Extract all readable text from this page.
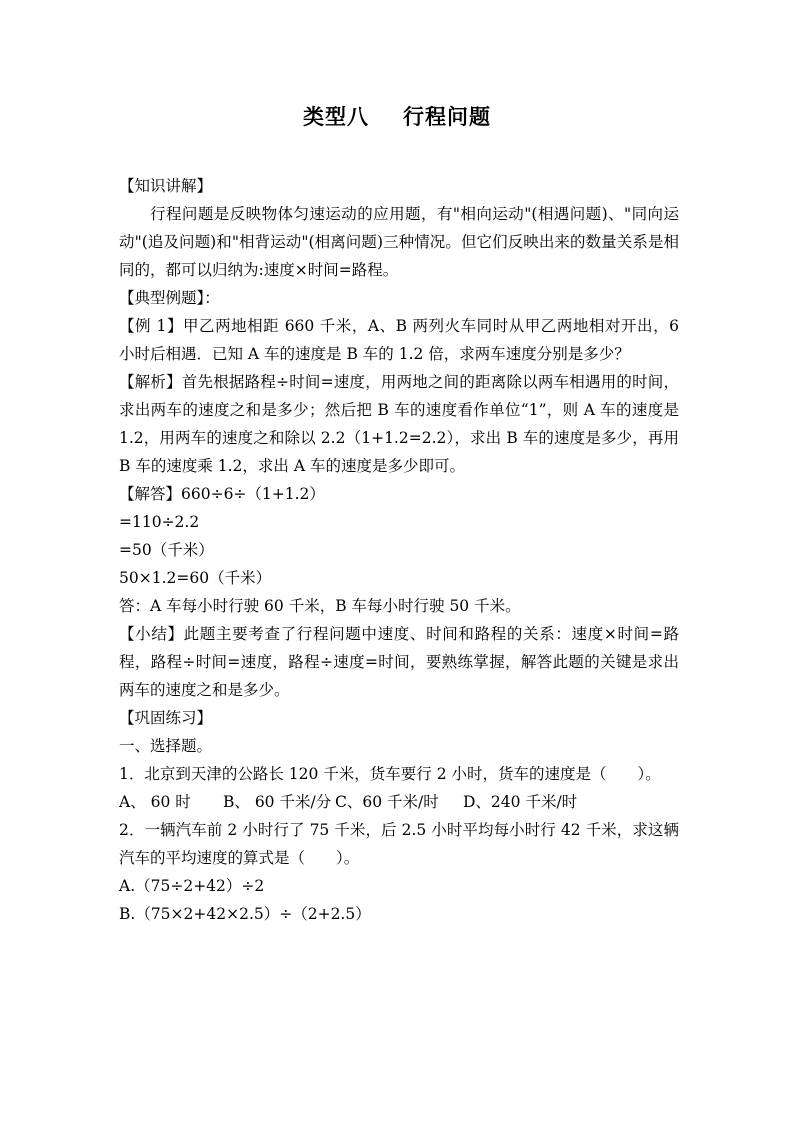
类型八 行程问题
【知识讲解】
行程问题是反映物体匀速运动的应用题，有"相向运动"(相遇问题)、"同向运动"(追及问题)和"相背运动"(相离问题)三种情况。但它们反映出来的数量关系是相同的，都可以归纳为:速度×时间=路程。
【典型例题】：
【例 1】甲乙两地相距 660 千米，A、B 两列火车同时从甲乙两地相对开出，6 小时后相遇．已知 A 车的速度是 B 车的 1.2 倍，求两车速度分别是多少？
【解析】首先根据路程÷时间=速度，用两地之间的距离除以两车相遇用的时间，求出两车的速度之和是多少；然后把 B 车的速度看作单位“1”，则 A 车的速度是 1.2，用两车的速度之和除以 2.2（1+1.2=2.2），求出 B 车的速度是多少，再用 B 车的速度乘 1.2，求出 A 车的速度是多少即可。
【解答】660÷6÷（1+1.2）
=110÷2.2
=50（千米）
50×1.2=60（千米）
答：A 车每小时行驶 60 千米，B 车每小时行驶 50 千米。
【小结】此题主要考查了行程问题中速度、时间和路程的关系：速度×时间=路程，路程÷时间=速度，路程÷速度=时间，要熟练掌握，解答此题的关键是求出两车的速度之和是多少。
【巩固练习】
一、选择题。
1．北京到天津的公路长 120 千米，货车要行 2 小时，货车的速度是（　　）。
A、 60 时 B、 60 千米/分 C、60 千米/时 D、240 千米/时
2．一辆汽车前 2 小时行了 75 千米，后 2.5 小时平均每小时行 42 千米，求这辆汽车的平均速度的算式是（　　）。
A.（75÷2+42）÷2
B.（75×2+42×2.5）÷（2+2.5）
